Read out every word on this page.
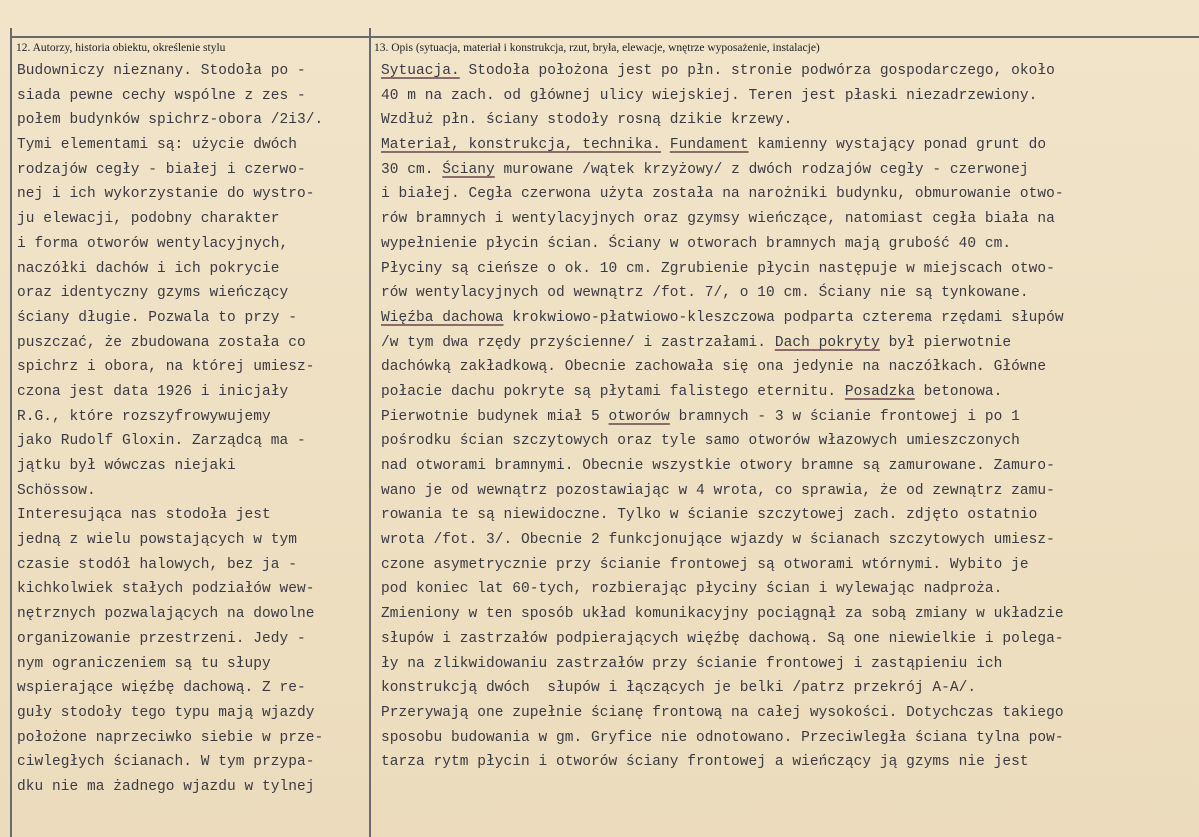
12. Autorzy, historia obiektu, określenie stylu	13. Opis (sytuacja, materiał i konstrukcja, rzut, bryła, elewacje, wnętrze wyposażenie, instalacje)
Budowniczy nieznany. Stodoła po -
siada pewne cechy wspólne z zes -
połem budynków spichrz-obora /2i3/.
Tymi elementami są: użycie dwóch
rodzajów cegły - białej i czerwo-
nej i ich wykorzystanie do wystro-
ju elewacji, podobny charakter
i forma otworów wentylacyjnych,
naczółki dachów i ich pokrycie
oraz identyczny gzyms wieńczący
ściany długie. Pozwala to przy -
puszczać, że zbudowana została co
spichrz i obora, na której umiesz-
czona jest data 1926 i inicjały
R.G., które rozszyfrowywujemy
jako Rudolf Gloxin. Zarządcą ma -
jątku był wówczas niejaki
Schössow.
Interesująca nas stodoła jest
jedną z wielu powstających w tym
czasie stodół halowych, bez ja -
kichkolwiek stałych podziałów wew-
nętrznych pozwalających na dowolne
organizowanie przestrzeni. Jedy -
nym ograniczeniem są tu słupy
wspierające więźbę dachową. Z re-
guły stodoły tego typu mają wjazdy
położone naprzeciwko siebie w prze-
ciwległych ścianach. W tym przypa-
dku nie ma żadnego wjazdu w tylnej
Sytuacja. Stodoła położona jest po płn. stronie podwórza gospodarczego, około
40 m na zach. od głównej ulicy wiejskiej. Teren jest płaski niezadrzewiony.
Wzdłuż płn. ściany stodoły rosną dzikie krzewy.
Materiał, konstrukcja, technika. Fundament kamienny wystający ponad grunt do
30 cm. Ściany murowane /wątek krzyżowy/ z dwóch rodzajów cegły - czerwonej
i białej. Cegła czerwona użyta została na narożniki budynku, obmurowanie otwo-
rów bramnych i wentylacyjnych oraz gzymsy wieńczące, natomiast cegła biała na
wypełnienie płycin ścian. Ściany w otworach bramnych mają grubość 40 cm.
Płyciny są cieńsze o ok. 10 cm. Zgrubienie płycin następuje w miejscach otwo-
rów wentylacyjnych od wewnątrz /fot. 7/, o 10 cm. Ściany nie są tynkowane.
Więźba dachowa krokwiowo-płatwiowo-kleszczowa podparta czterema rzędami słupów
/w tym dwa rzędy przyścienne/ i zastrzałami. Dach pokryty był pierwotnie
dachówką zakładkową. Obecnie zachowała się ona jedynie na naczółkach. Główne
połacie dachu pokryte są płytami falistego eternitu. Posadzka betonowa.
Pierwotnie budynek miał 5 otworów bramnych - 3 w ścianie frontowej i po 1
pośrodku ścian szczytowych oraz tyle samo otworów włazowych umieszczonych
nad otworami bramnymi. Obecnie wszystkie otwory bramne są zamurowane. Zamuro-
wano je od wewnątrz pozostawiając w 4 wrota, co sprawia, że od zewnątrz zamu-
rowania te są niewidoczne. Tylko w ścianie szczytowej zach. zdjęto ostatnio
wrota /fot. 3/. Obecnie 2 funkcjonujące wjazdy w ścianach szczytowych umiesz-
czone asymetrycznie przy ścianie frontowej są otworami wtórnymi. Wybito je
pod koniec lat 60-tych, rozbierając płyciny ścian i wylewając nadproża.
Zmieniony w ten sposób układ komunikacyjny pociągnął za sobą zmiany w układzie
słupów i zastrzałów podpierających więźbę dachową. Są one niewielkie i polega-
ły na zlikwidowaniu zastrzałów przy ścianie frontowej i zastąpieniu ich
konstrukcją dwóch  słupów i łączących je belki /patrz przekrój A-A/.
Przerywają one zupełnie ścianę frontową na całej wysokości. Dotychczas takiego
sposobu budowania w gm. Gryfice nie odnotowano. Przeciwległa ściana tylna pow-
tarza rytm płycin i otworów ściany frontowej a wieńczący ją gzyms nie jest
